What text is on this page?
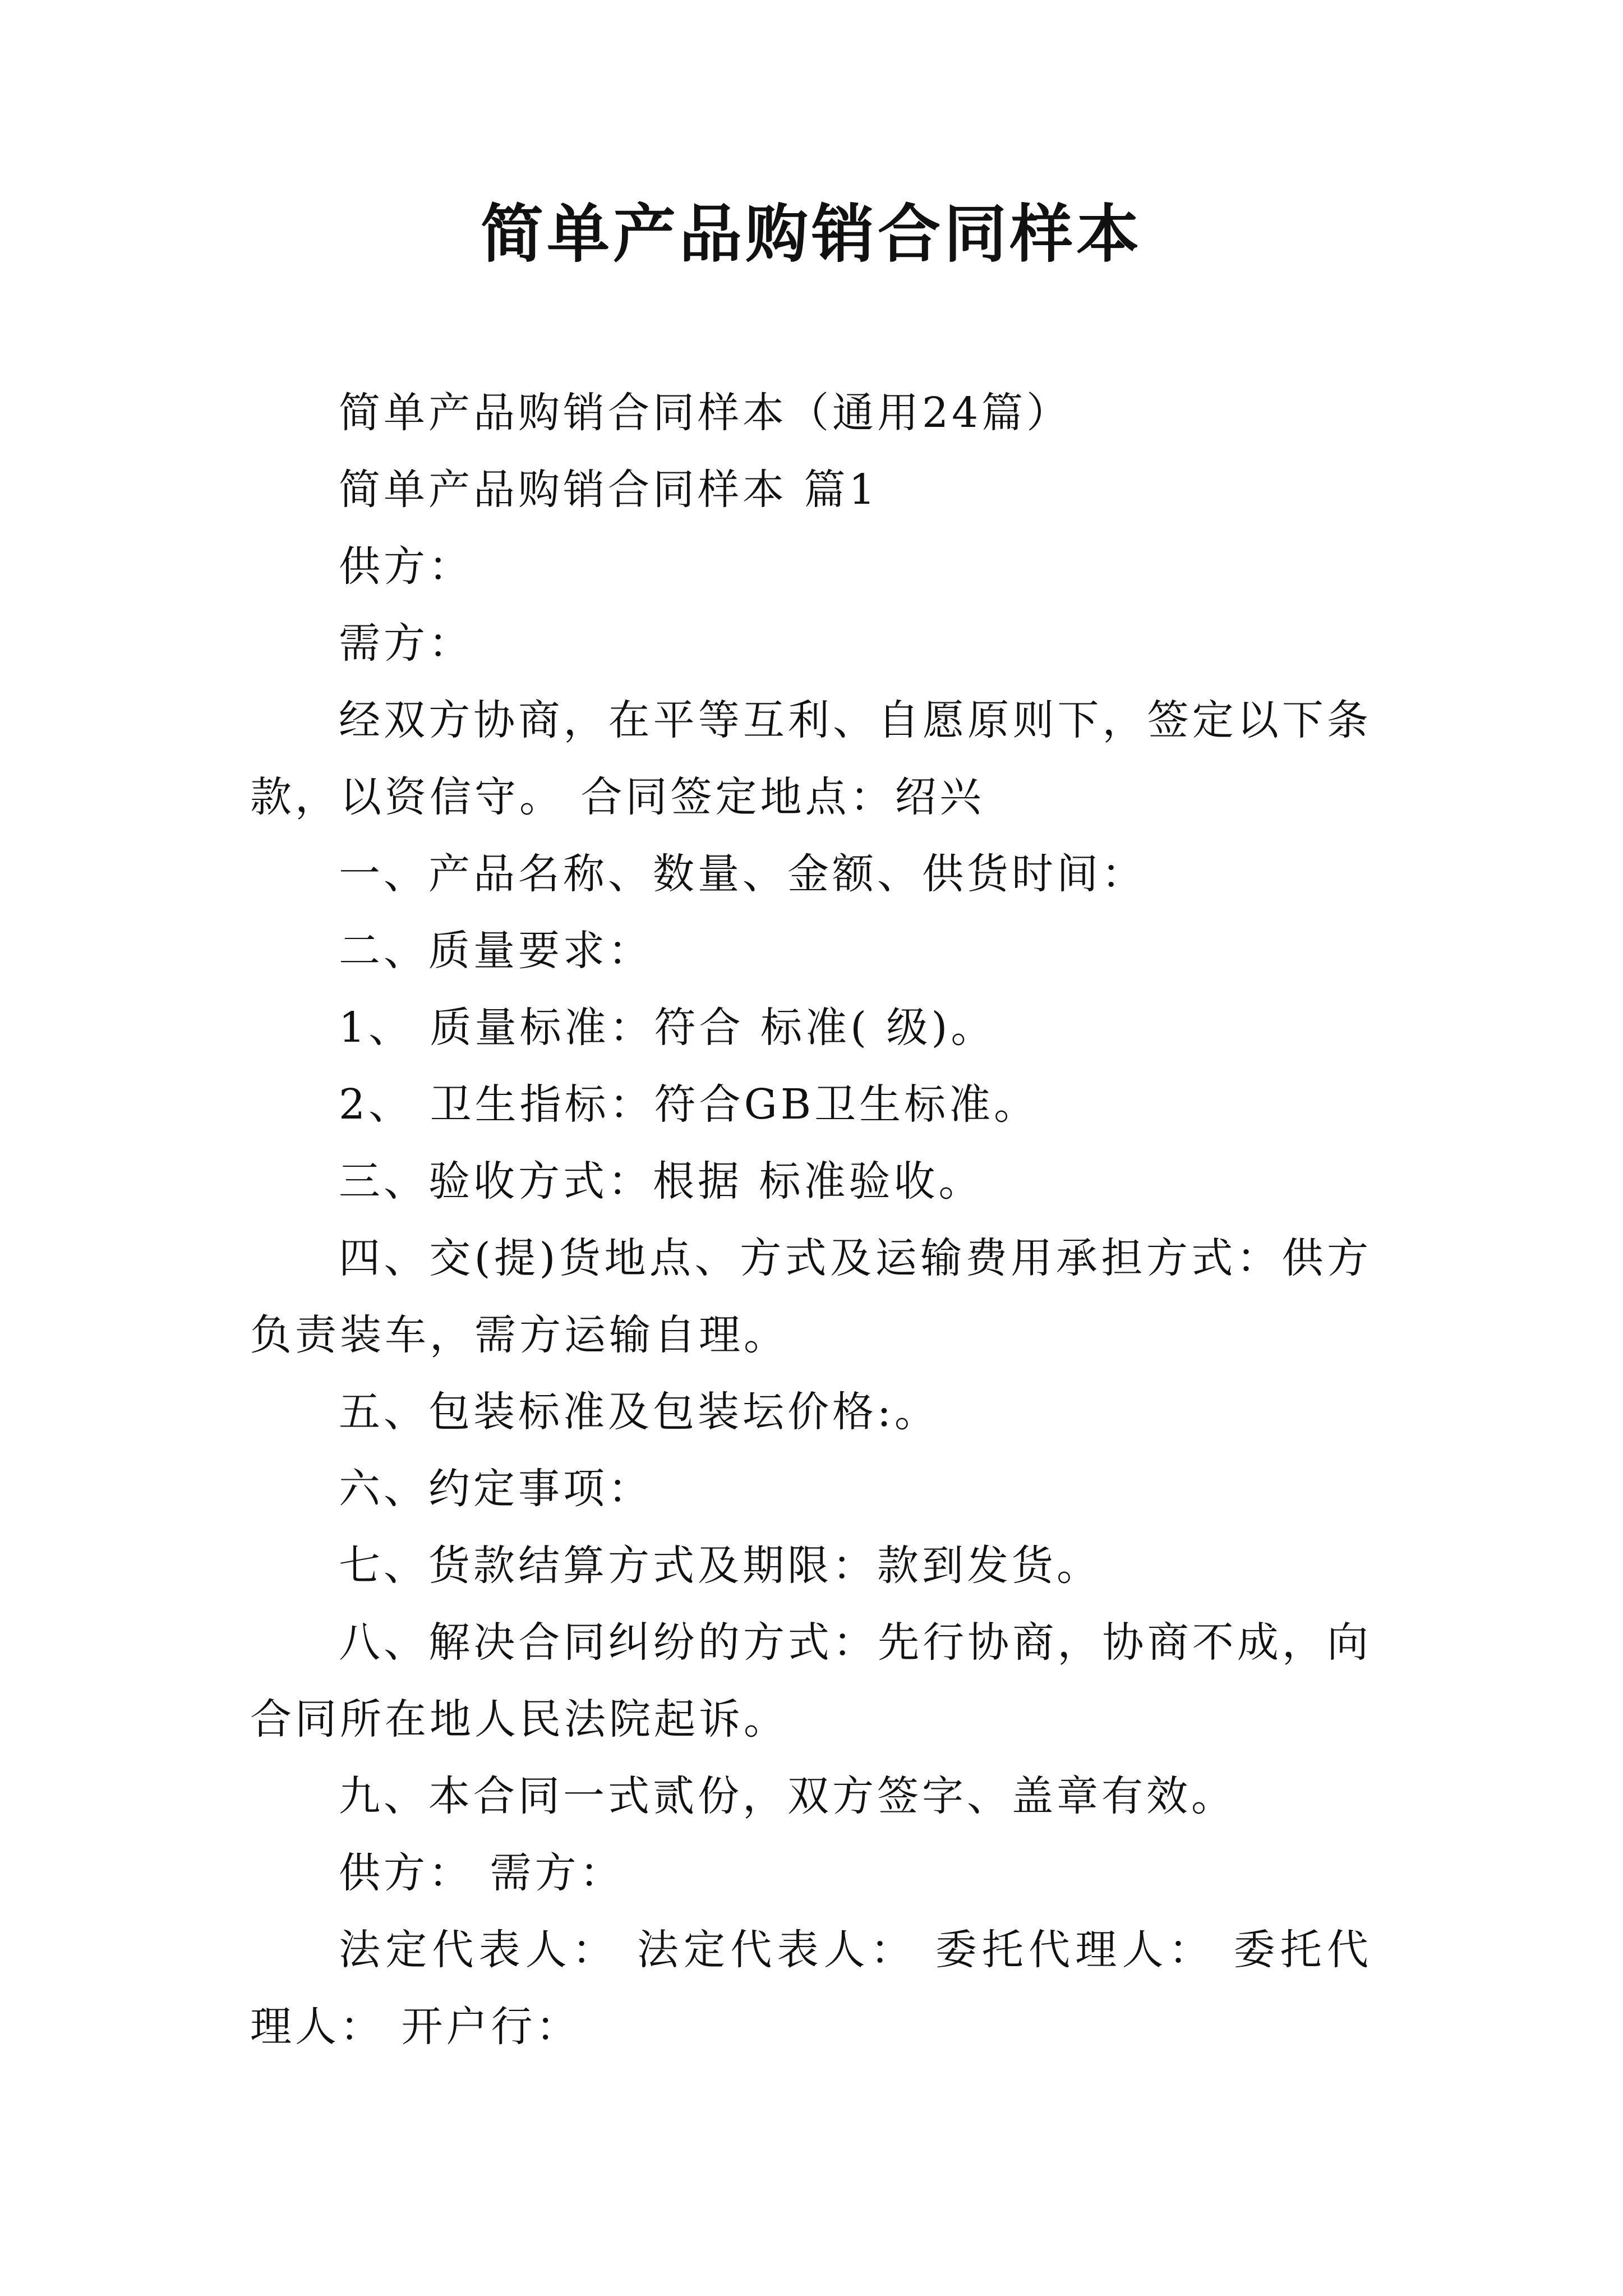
简单产品购销合同样本

简单产品购销合同样本（通用24篇）

简单产品购销合同样本 篇1

供方：

需方：

经双方协商，在平等互利、自愿原则下，签定以下条款，以资信守。 合同签定地点：绍兴

一、产品名称、数量、金额、供货时间：

二、质量要求：

1、 质量标准：符合 标准( 级)。

2、 卫生指标：符合GB卫生标准。

三、验收方式：根据 标准验收。

四、交(提)货地点、方式及运输费用承担方式：供方负责装车，需方运输自理。

五、包装标准及包装坛价格:。

六、约定事项：

七、货款结算方式及期限：款到发货。

八、解决合同纠纷的方式：先行协商，协商不成，向合同所在地人民法院起诉。

九、本合同一式贰份，双方签字、盖章有效。

供方： 需方：

法定代表人： 法定代表人： 委托代理人： 委托代理人： 开户行：
